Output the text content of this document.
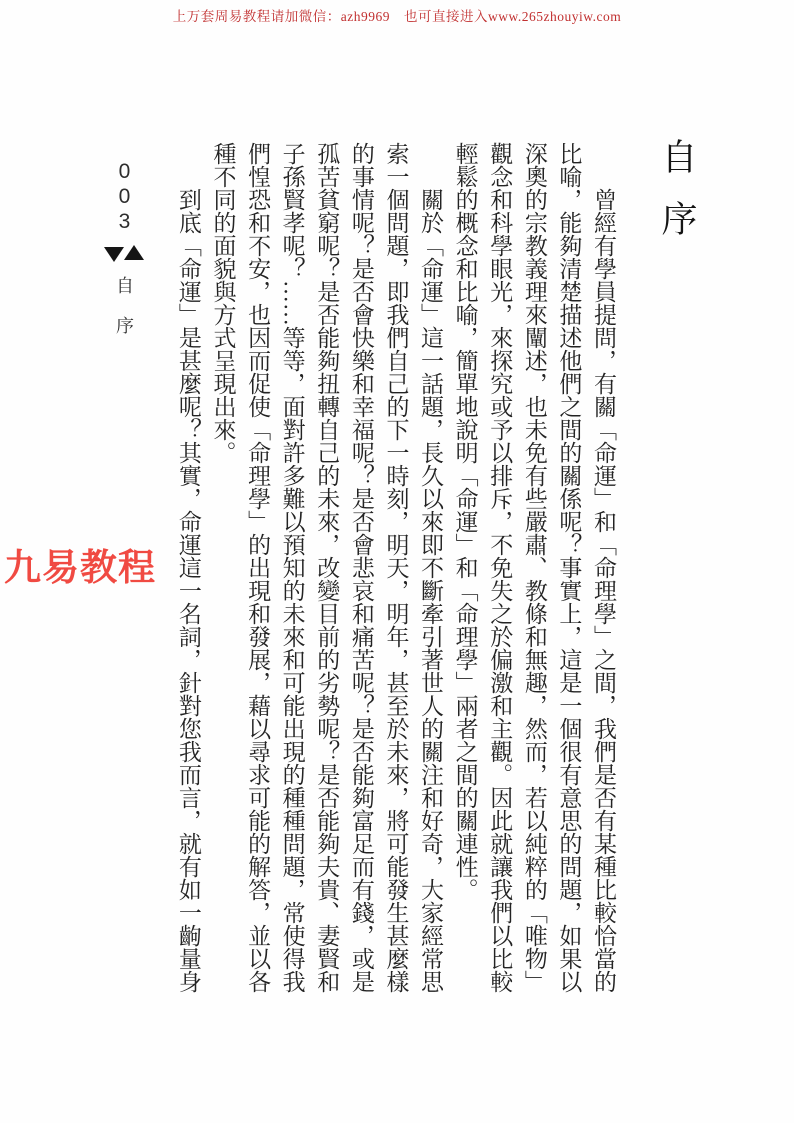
上万套周易教程请加微信：azh9969　也可直接进入www.265zhouyiw.com
自序

曾經有學員提問，有關「命運」和「命理學」之間，我們是否有某種比較恰當的比喻，能夠清楚描述他們之間的關係呢？事實上，這是一個很有意思的問題，如果以深奧的宗教義理來闡述，也未免有些嚴肅、教條和無趣，然而，若以純粹的「唯物」觀念和科學眼光，來探究或予以排斥，不免失之於偏激和主觀。因此就讓我們以比較輕鬆的概念和比喻，簡單地說明「命運」和「命理學」兩者之間的關連性。

關於「命運」這一話題，長久以來即不斷牽引著世人的關注和好奇，大家經常思索一個問題，即我們自己的下一時刻，明天，明年，甚至於未來，將可能發生甚麼樣的事情呢？是否會快樂和幸福呢？是否會悲哀和痛苦呢？是否能夠富足而有錢，或是孤苦貧窮呢？是否能夠扭轉自己的未來，改變目前的劣勢呢？是否能夠夫貴、妻賢和子孫賢孝呢？……等等，面對許多難以預知的未來和可能出現的種種問題，常使得我們惶恐和不安，也因而促使「命理學」的出現和發展，藉以尋求可能的解答，並以各種不同的面貌與方式呈現出來。

到底「命運」是甚麼呢？其實，命運這一名詞，針對您我而言，就有如一齣量身

003
自序
九易教程
